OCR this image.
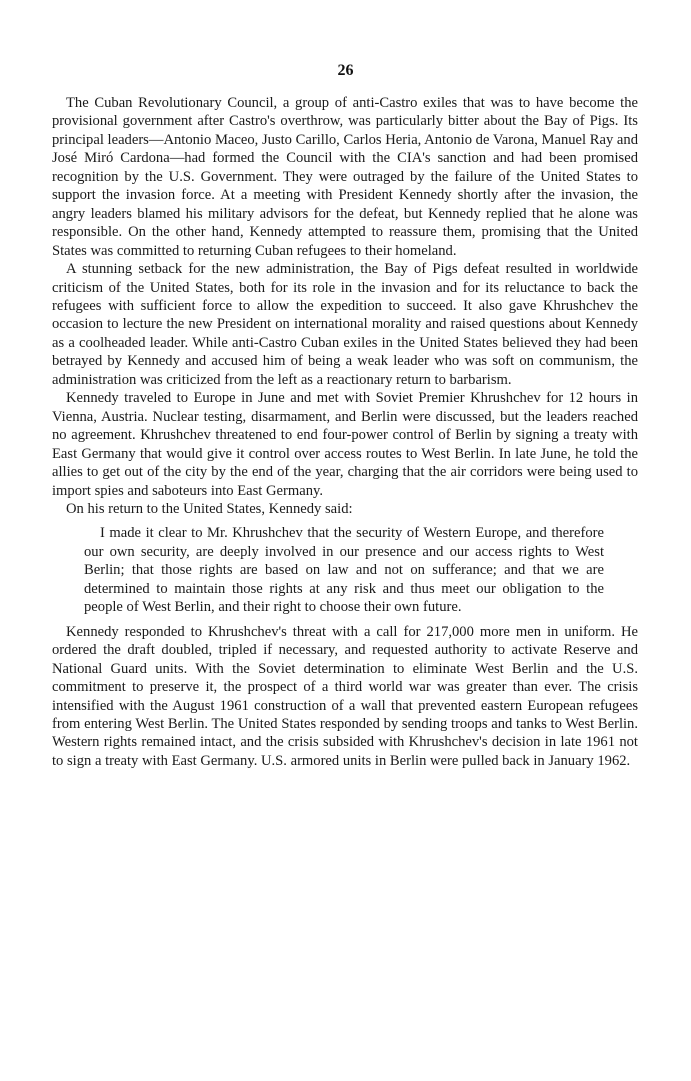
26

The Cuban Revolutionary Council, a group of anti-Castro exiles that was to have become the provisional government after Castro's overthrow, was particularly bitter about the Bay of Pigs. Its principal leaders—Antonio Maceo, Justo Carillo, Carlos Heria, Antonio de Varona, Manuel Ray and José Miró Cardona—had formed the Council with the CIA's sanction and had been promised recognition by the U.S. Government. They were outraged by the failure of the United States to support the invasion force. At a meeting with President Kennedy shortly after the invasion, the angry leaders blamed his military advisors for the defeat, but Kennedy replied that he alone was responsible. On the other hand, Kennedy attempted to reassure them, promising that the United States was committed to returning Cuban refugees to their homeland.

A stunning setback for the new administration, the Bay of Pigs defeat resulted in worldwide criticism of the United States, both for its role in the invasion and for its reluctance to back the refugees with sufficient force to allow the expedition to succeed. It also gave Khrushchev the occasion to lecture the new President on international morality and raised questions about Kennedy as a coolheaded leader. While anti-Castro Cuban exiles in the United States believed they had been betrayed by Kennedy and accused him of being a weak leader who was soft on communism, the administration was criticized from the left as a reactionary return to barbarism.

Kennedy traveled to Europe in June and met with Soviet Premier Khrushchev for 12 hours in Vienna, Austria. Nuclear testing, disarmament, and Berlin were discussed, but the leaders reached no agreement. Khrushchev threatened to end four-power control of Berlin by signing a treaty with East Germany that would give it control over access routes to West Berlin. In late June, he told the allies to get out of the city by the end of the year, charging that the air corridors were being used to import spies and saboteurs into East Germany.

On his return to the United States, Kennedy said:

I made it clear to Mr. Khrushchev that the security of Western Europe, and therefore our own security, are deeply involved in our presence and our access rights to West Berlin; that those rights are based on law and not on sufferance; and that we are determined to maintain those rights at any risk and thus meet our obligation to the people of West Berlin, and their right to choose their own future.

Kennedy responded to Khrushchev's threat with a call for 217,000 more men in uniform. He ordered the draft doubled, tripled if necessary, and requested authority to activate Reserve and National Guard units. With the Soviet determination to eliminate West Berlin and the U.S. commitment to preserve it, the prospect of a third world war was greater than ever. The crisis intensified with the August 1961 construction of a wall that prevented eastern European refugees from entering West Berlin. The United States responded by sending troops and tanks to West Berlin. Western rights remained intact, and the crisis subsided with Khrushchev's decision in late 1961 not to sign a treaty with East Germany. U.S. armored units in Berlin were pulled back in January 1962.
